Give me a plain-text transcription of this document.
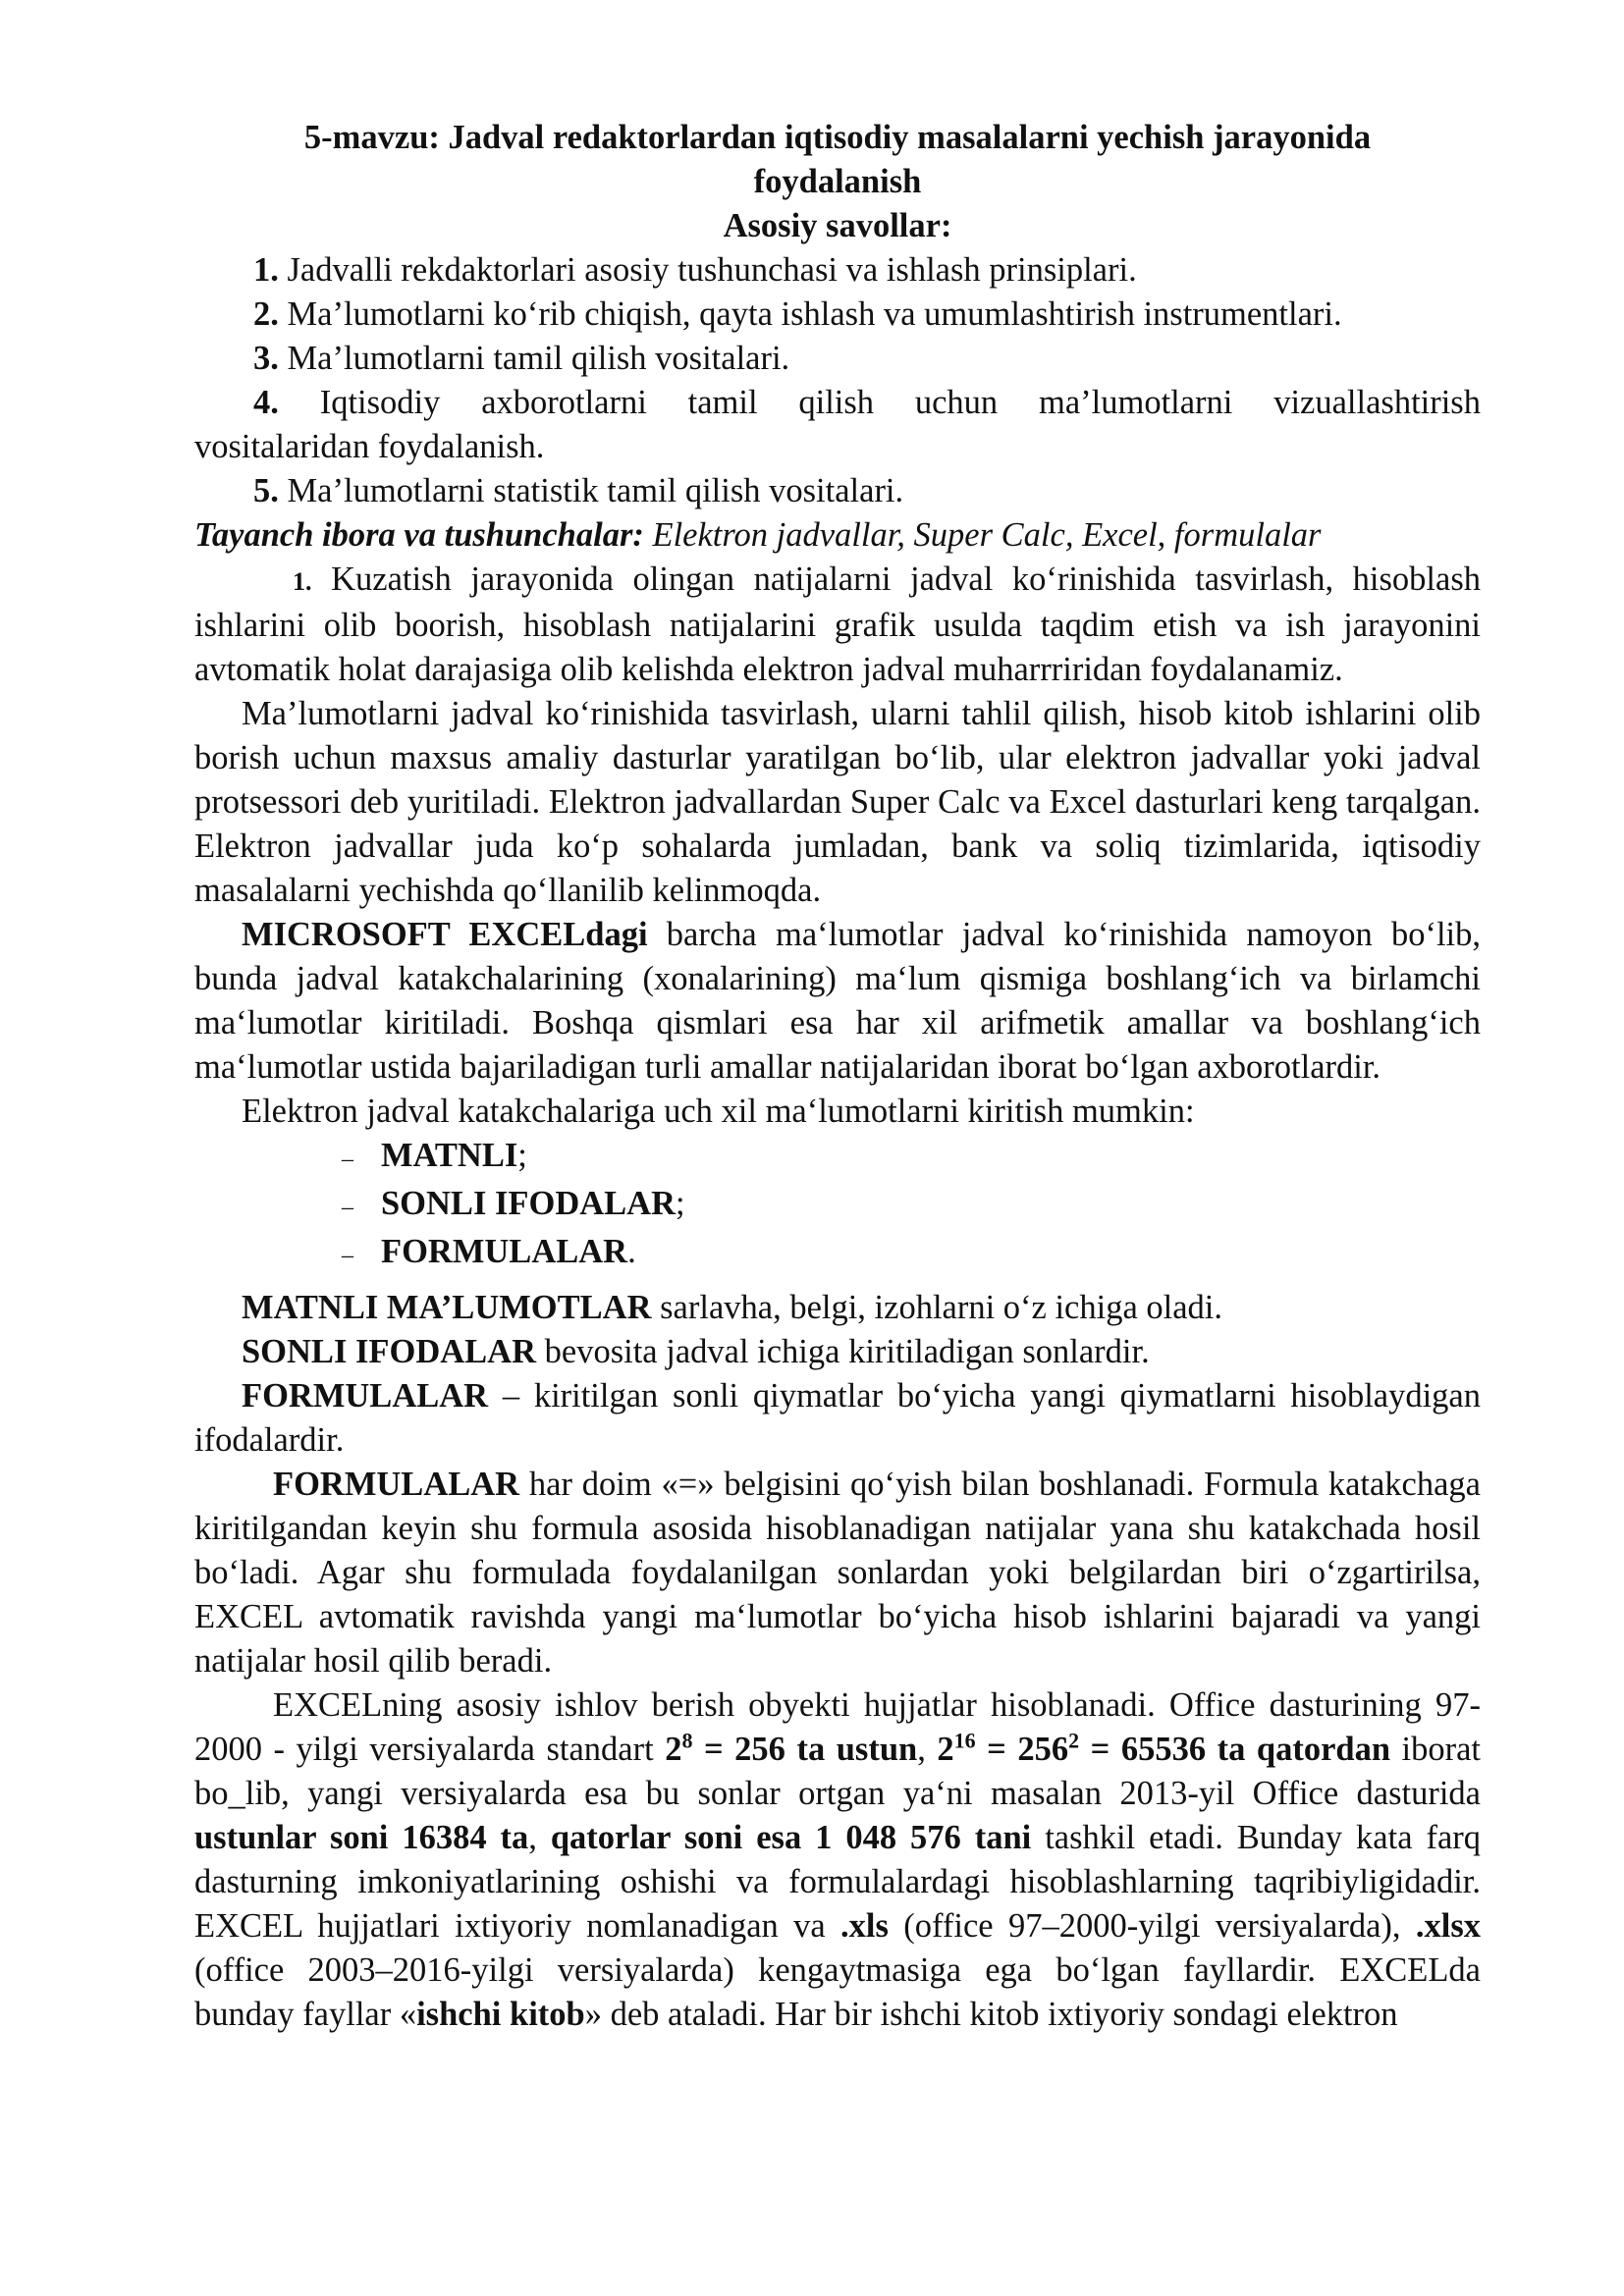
5-mavzu: Jadval redaktorlardan iqtisodiy masalalarni yechish jarayonida

foydalanish

Asosiy savollar:

1. Jadvalli rekdaktorlari asosiy tushunchasi va ishlash prinsiplari.

2. Ma’lumotlarni ko‘rib chiqish, qayta ishlash va umumlashtirish instrumentlari.

3. Ma’lumotlarni tamil qilish vositalari.

4. Iqtisodiy axborotlarni tamil qilish uchun ma’lumotlarni vizuallashtirish

vositalaridan foydalanish.

5. Ma’lumotlarni statistik tamil qilish vositalari.

Tayanch ibora va tushunchalar: Elektron jadvallar, Super Calc, Excel, formulalar

1. Kuzatish jarayonida olingan natijalarni jadval ko‘rinishida tasvirlash, hisoblash ishlarini olib boorish, hisoblash natijalarini grafik usulda taqdim etish va ish jarayonini avtomatik holat darajasiga olib kelishda elektron jadval muharrriridan foydalanamiz.

Ma’lumotlarni jadval ko‘rinishida tasvirlash, ularni tahlil qilish, hisob kitob ishlarini olib borish uchun maxsus amaliy dasturlar yaratilgan bo‘lib, ular elektron jadvallar yoki jadval protsessori deb yuritiladi. Elektron jadvallardan Super Calc va Excel dasturlari keng tarqalgan. Elektron jadvallar juda ko‘p sohalarda jumladan, bank va soliq tizimlarida, iqtisodiy masalalarni yechishda qo‘llanilib kelinmoqda.

MICROSOFT EXCELdagi barcha ma‘lumotlar jadval ko‘rinishida namoyon bo‘lib, bunda jadval katakchalarining (xonalarining) ma‘lum qismiga boshlang‘ich va birlamchi ma‘lumotlar kiritiladi. Boshqa qismlari esa har xil arifmetik amallar va boshlang‘ich ma‘lumotlar ustida bajariladigan turli amallar natijalaridan iborat bo‘lgan axborotlardir.

Elektron jadval katakchalariga uch xil ma‘lumotlarni kiritish mumkin:

– MATNLI ;
– SONLI IFODALAR ;
– FORMULALAR .

MATNLI MA’LUMOTLAR sarlavha, belgi, izohlarni o‘z ichiga oladi.

SONLI IFODALAR bevosita jadval ichiga kiritiladigan sonlardir.

FORMULALAR – kiritilgan sonli qiymatlar bo‘yicha yangi qiymatlarni hisoblaydigan ifodalardir.

FORMULALAR har doim «=» belgisini qo‘yish bilan boshlanadi. Formula katakchaga kiritilgandan keyin shu formula asosida hisoblanadigan natijalar yana shu katakchada hosil bo‘ladi. Agar shu formulada foydalanilgan sonlardan yoki belgilardan biri o‘zgartirilsa, EXCEL avtomatik ravishda yangi ma‘lumotlar bo‘yicha hisob ishlarini bajaradi va yangi natijalar hosil qilib beradi.

EXCELning asosiy ishlov berish obyekti hujjatlar hisoblanadi. Office dasturining 97-2000 - yilgi versiyalarda standart $2^8 = 256$ ta ustun, $2^{16} = 256^2 = 65536$ ta qatordan iborat bo_lib, yangi versiyalarda esa bu sonlar ortgan ya‘ni masalan 2013-yil Office dasturida ustunlar soni 16384 ta, qatorlar soni esa 1 048 576 tani tashkil etadi. Bunday kata farq dasturning imkoniyatlarining oshishi va formulalardagi hisoblashlarning taqribiyligidadir. EXCEL hujjatlari ixtiyoriy nomlanadigan va .xls (office 97–2000-yilgi versiyalarda), .xlsx (office 2003–2016-yilgi versiyalarda) kengaytmasiga ega bo‘lgan fayllardir. EXCELda bunday fayllar «ishchi kitob» deb ataladi. Har bir ishchi kitob ixtiyoriy sondagi elektron
